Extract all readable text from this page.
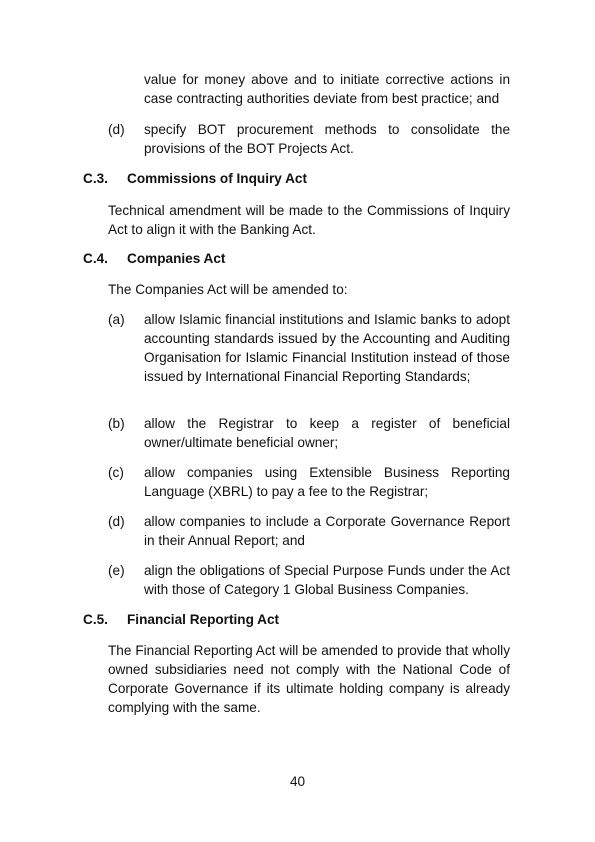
value for money above and to initiate corrective actions in case contracting authorities deviate from best practice; and
(d)	specify BOT procurement methods to consolidate the provisions of the BOT Projects Act.
C.3. Commissions of Inquiry Act
Technical amendment will be made to the Commissions of Inquiry Act to align it with the Banking Act.
C.4. Companies Act
The Companies Act will be amended to:
(a)	allow Islamic financial institutions and Islamic banks to adopt accounting standards issued by the Accounting and Auditing Organisation for Islamic Financial Institution instead of those issued by International Financial Reporting Standards;
(b)	allow the Registrar to keep a register of beneficial owner/ultimate beneficial owner;
(c)	allow companies using Extensible Business Reporting Language (XBRL) to pay a fee to the Registrar;
(d)	allow companies to include a Corporate Governance Report in their Annual Report; and
(e)	align the obligations of Special Purpose Funds under the Act with those of Category 1 Global Business Companies.
C.5. Financial Reporting Act
The Financial Reporting Act will be amended to provide that wholly owned subsidiaries need not comply with the National Code of Corporate Governance if its ultimate holding company is already complying with the same.
40
